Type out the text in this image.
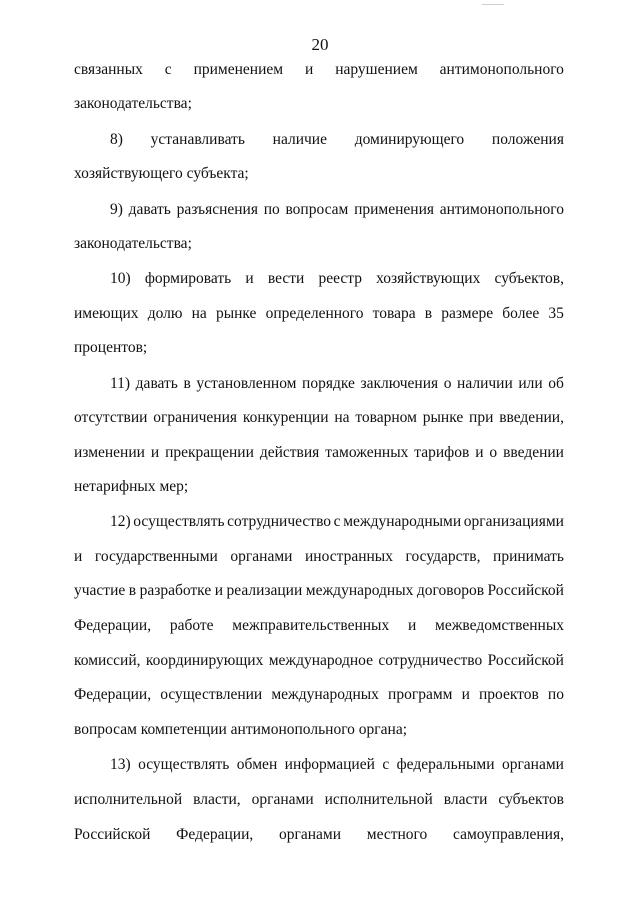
20
связанных с применением и нарушением антимонопольного
законодательства;
8) устанавливать наличие доминирующего положения
хозяйствующего субъекта;
9) давать разъяснения по вопросам применения антимонопольного
законодательства;
10) формировать и вести реестр хозяйствующих субъектов,
имеющих долю на рынке определенного товара в размере более 35
процентов;
11) давать в установленном порядке заключения о наличии или об
отсутствии ограничения конкуренции на товарном рынке при введении,
изменении и прекращении действия таможенных тарифов и о введении
нетарифных мер;
12) осуществлять сотрудничество с международными организациями
и государственными органами иностранных государств, принимать
участие в разработке и реализации международных договоров Российской
Федерации, работе межправительственных и межведомственных
комиссий, координирующих международное сотрудничество Российской
Федерации, осуществлении международных программ и проектов по
вопросам компетенции антимонопольного органа;
13) осуществлять обмен информацией с федеральными органами
исполнительной власти, органами исполнительной власти субъектов
Российской Федерации, органами местного самоуправления,
